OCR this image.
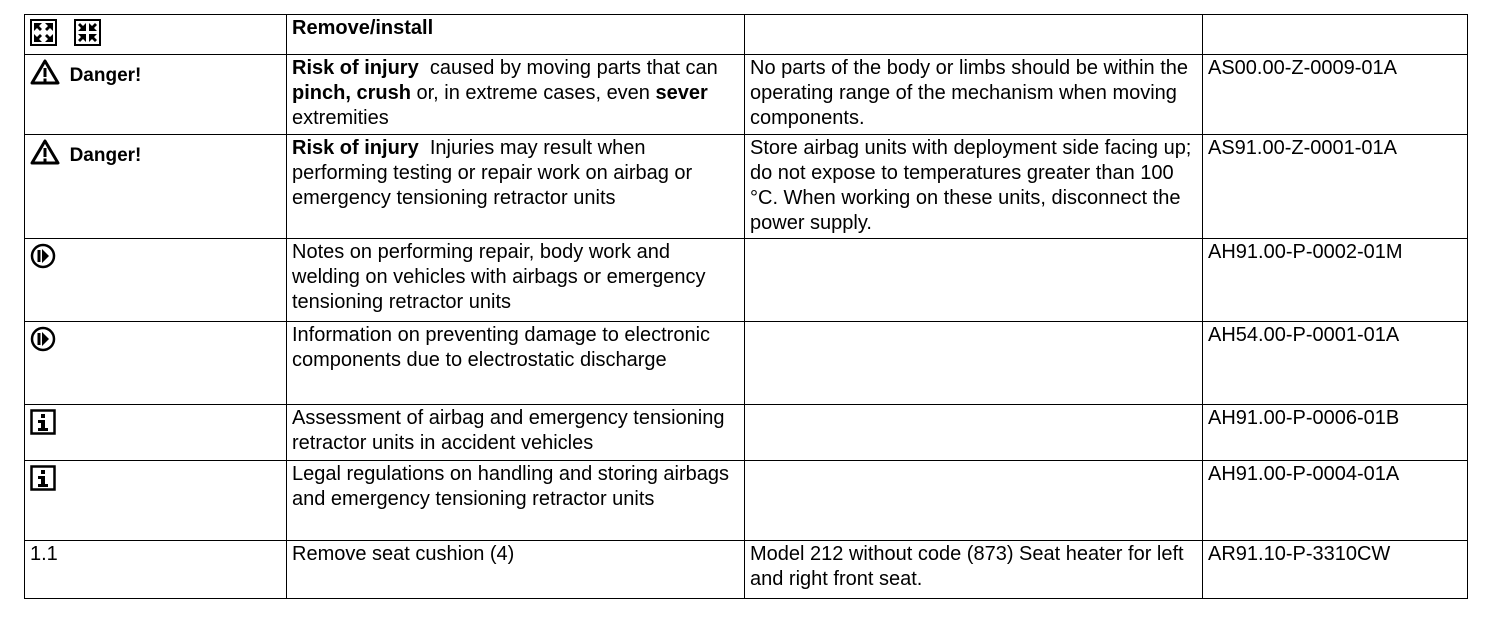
	Remove/install		
Danger!	Risk of injury caused by moving parts that can pinch, crush or, in extreme cases, even sever extremities	No parts of the body or limbs should be within the operating range of the mechanism when moving components.	AS00.00-Z-0009-01A
Danger!	Risk of injury Injuries may result when performing testing or repair work on airbag or emergency tensioning retractor units	Store airbag units with deployment side facing up; do not expose to temperatures greater than 100 °C. When working on these units, disconnect the power supply.	AS91.00-Z-0001-01A
	Notes on performing repair, body work and welding on vehicles with airbags or emergency tensioning retractor units		AH91.00-P-0002-01M
	Information on preventing damage to electronic components due to electrostatic discharge		AH54.00-P-0001-01A
	Assessment of airbag and emergency tensioning retractor units in accident vehicles		AH91.00-P-0006-01B
	Legal regulations on handling and storing airbags and emergency tensioning retractor units		AH91.00-P-0004-01A
1.1	Remove seat cushion (4)	Model 212 without code (873) Seat heater for left and right front seat.	AR91.10-P-3310CW
